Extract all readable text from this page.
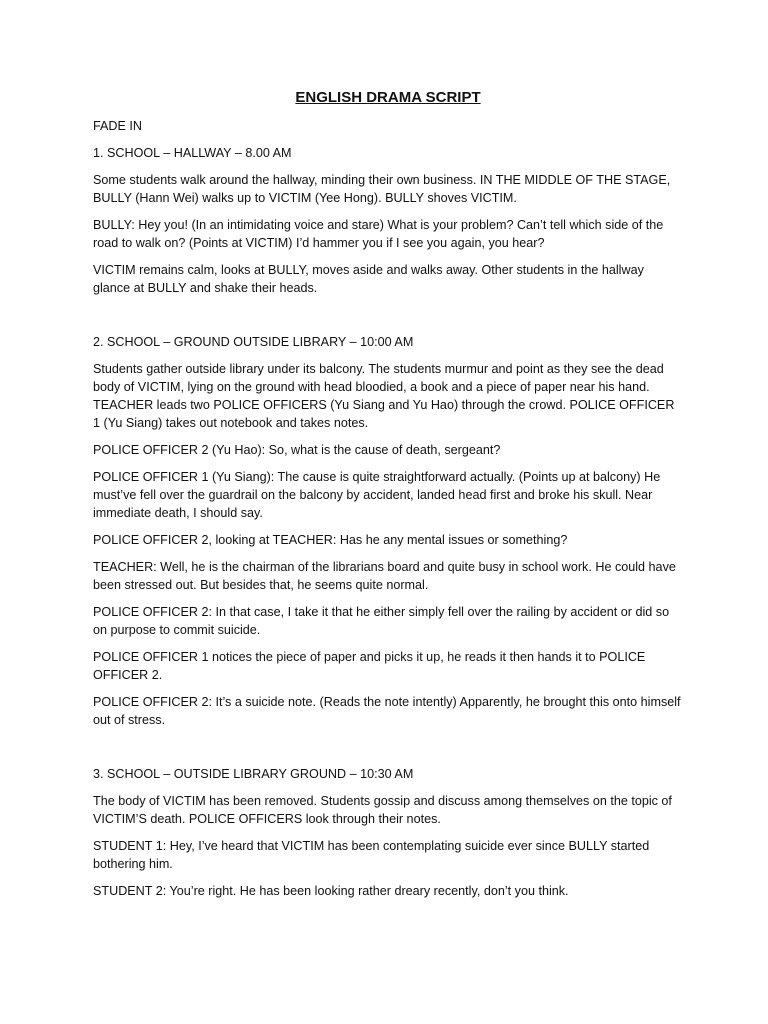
ENGLISH DRAMA SCRIPT
FADE IN
1. SCHOOL – HALLWAY – 8.00 AM
Some students walk around the hallway, minding their own business. IN THE MIDDLE OF THE STAGE, BULLY (Hann Wei) walks up to VICTIM (Yee Hong). BULLY shoves VICTIM.
BULLY: Hey you! (In an intimidating voice and stare) What is your problem? Can’t tell which side of the road to walk on? (Points at VICTIM) I’d hammer you if I see you again, you hear?
VICTIM remains calm, looks at BULLY, moves aside and walks away. Other students in the hallway glance at BULLY and shake their heads.
2. SCHOOL – GROUND OUTSIDE LIBRARY – 10:00 AM
Students gather outside library under its balcony. The students murmur and point as they see the dead body of VICTIM, lying on the ground with head bloodied, a book and a piece of paper near his hand. TEACHER leads two POLICE OFFICERS (Yu Siang and Yu Hao) through the crowd. POLICE OFFICER 1 (Yu Siang) takes out notebook and takes notes.
POLICE OFFICER 2 (Yu Hao): So, what is the cause of death, sergeant?
POLICE OFFICER 1 (Yu Siang): The cause is quite straightforward actually. (Points up at balcony) He must’ve fell over the guardrail on the balcony by accident, landed head first and broke his skull. Near immediate death, I should say.
POLICE OFFICER 2, looking at TEACHER: Has he any mental issues or something?
TEACHER: Well, he is the chairman of the librarians board and quite busy in school work. He could have been stressed out. But besides that, he seems quite normal.
POLICE OFFICER 2: In that case, I take it that he either simply fell over the railing by accident or did so on purpose to commit suicide.
POLICE OFFICER 1 notices the piece of paper and picks it up, he reads it then hands it to POLICE OFFICER 2.
POLICE OFFICER 2: It’s a suicide note. (Reads the note intently) Apparently, he brought this onto himself out of stress.
3. SCHOOL – OUTSIDE LIBRARY GROUND – 10:30 AM
The body of VICTIM has been removed. Students gossip and discuss among themselves on the topic of VICTIM’S death. POLICE OFFICERS look through their notes.
STUDENT 1: Hey, I’ve heard that VICTIM has been contemplating suicide ever since BULLY started bothering him.
STUDENT 2: You’re right. He has been looking rather dreary recently, don’t you think.
